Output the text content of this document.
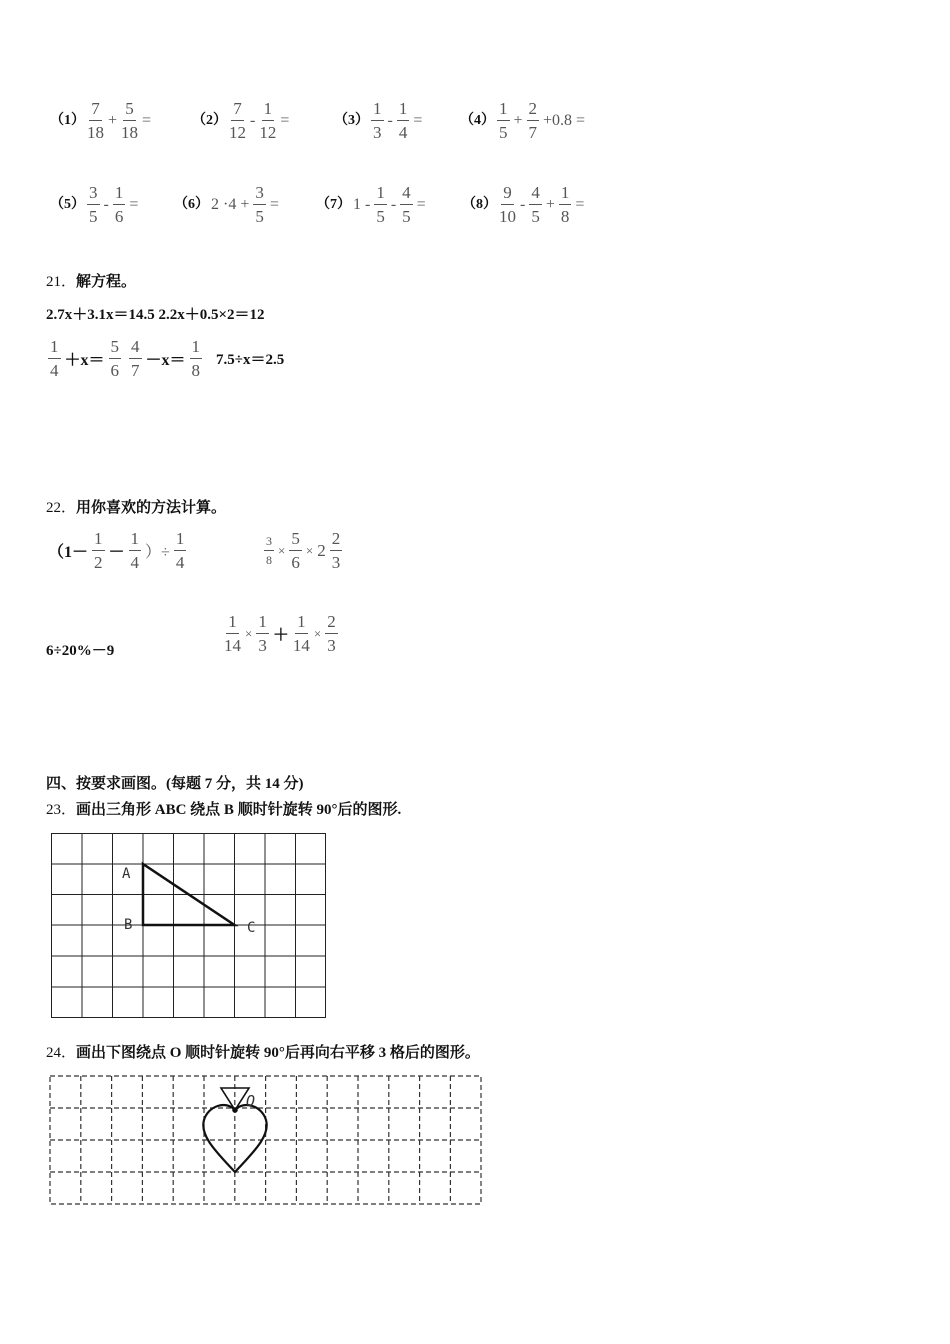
$(1) \frac{7}{18} + \frac{5}{18}$ =	$(2) \frac{7}{12} - \frac{1}{12}$ =	$(3) \frac{1}{3} - \frac{1}{4}$ =	$(4) \frac{1}{5} + \frac{2}{7} +0.8$ =
$(5) \frac{3}{5} - \frac{1}{6}$ =	（6） $2 \cdot 4 + \frac{3}{5}$ =	（7） $1 - \frac{1}{5} - \frac{4}{5}$ =	$(8) \frac{9}{10} - \frac{4}{5} + \frac{1}{8}$ =
21．解方程。
2.7x＋3.1x＝14.5 2.2x＋0.5×2＝12
$\frac{1}{4} +x= \frac{5}{6}$
$\frac{4}{7} -x= \frac{1}{8} 7.5\div x=2.5$
22．用你喜欢的方法计算。
（$1- \frac{1}{2} - \frac{1}{4}$ ）÷ $\frac{1}{4}$	$\frac{3}{8} \times \frac{5}{6} \times 2 \frac{2}{3}$
6÷20%－9	$\frac{1}{14} \times \frac{1}{3} + \frac{1}{14} \times \frac{2}{3}$
四、按要求画图。(每题 7 分，共 14 分)
23．画出三角形 ABC 绕点 B 顺时针旋转 90°后的图形.
A
B	C
24．画出下图绕点 O 顺时针旋转 90°后再向右平移 3 格后的图形。
O
